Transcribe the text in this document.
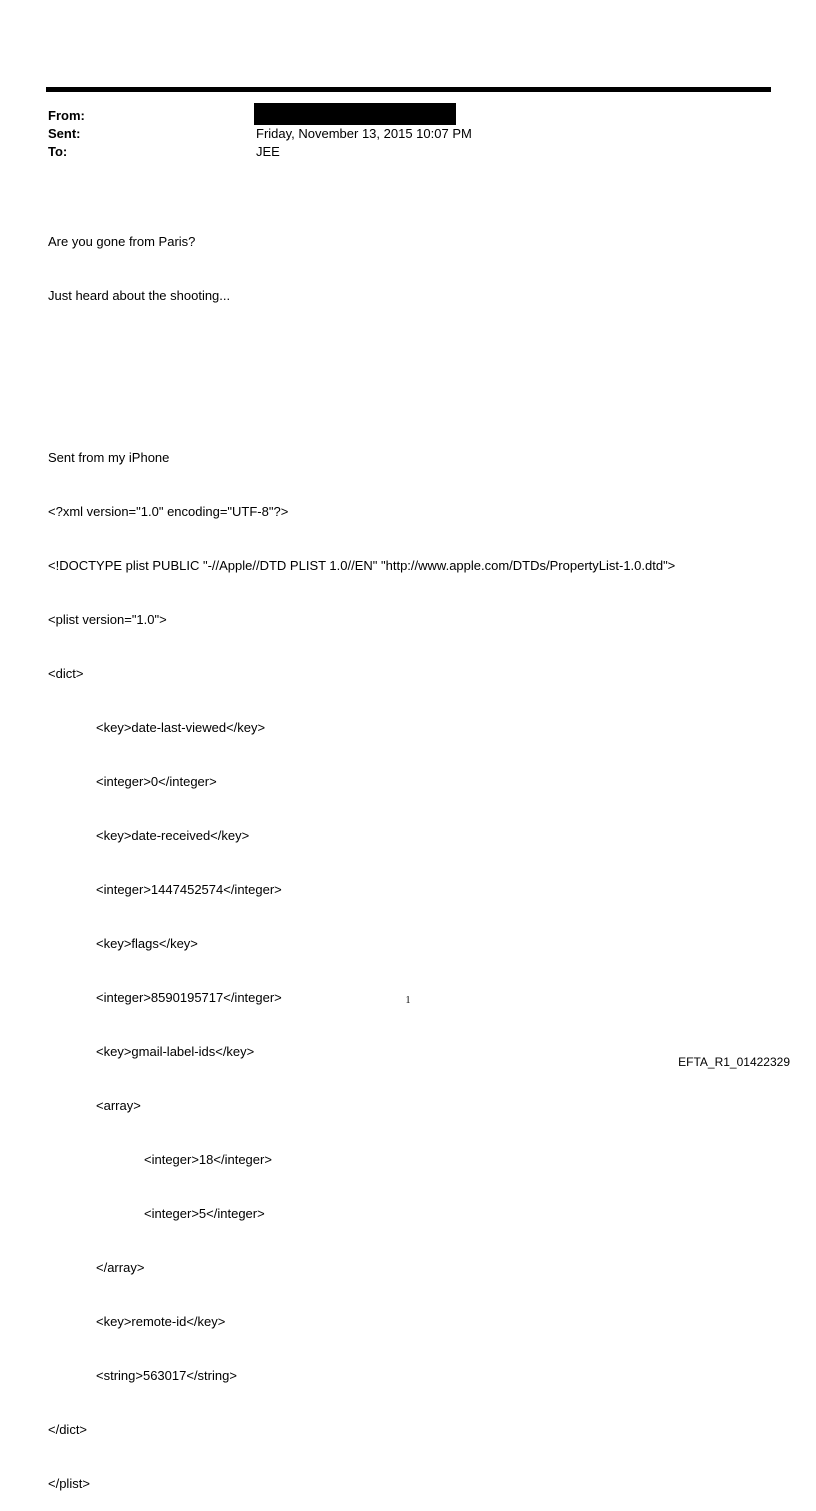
From:
Sent:	Friday, November 13, 2015 10:07 PM
To:	JEE

Are you gone from Paris?

Just heard about the shooting...

Sent from my iPhone

<?xml version="1.0" encoding="UTF-8"?>

<!DOCTYPE plist PUBLIC "-//Apple//DTD PLIST 1.0//EN" "http://www.apple.com/DTDs/PropertyList-1.0.dtd">

<plist version="1.0">

<dict>

<key>date-last-viewed</key>

<integer>0</integer>

<key>date-received</key>

<integer>1447452574</integer>

<key>flags</key>

<integer>8590195717</integer>

<key>gmail-label-ids</key>

<array>

<integer>18</integer>

<integer>5</integer>

</array>

<key>remote-id</key>

<string>563017</string>

</dict>

</plist>

1
EFTA_R1_01422329
